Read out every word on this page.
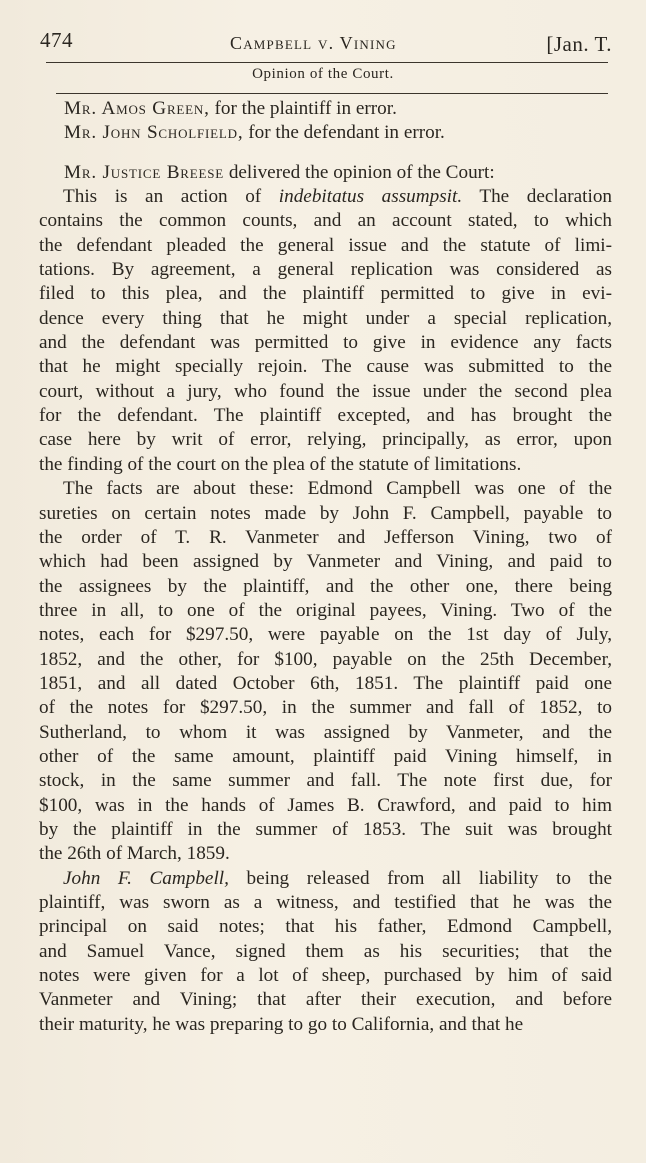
474	Campbell v. Vining	[Jan. T.
Opinion of the Court.

Mr. Amos Green, for the plaintiff in error.

Mr. John Scholfield, for the defendant in error.

Mr. Justice Breese delivered the opinion of the Court:

This is an action of indebitatus assumpsit. The declaration
contains the common counts, and an account stated, to which
the defendant pleaded the general issue and the statute of limi-
tations. By agreement, a general replication was considered as
filed to this plea, and the plaintiff permitted to give in evi-
dence every thing that he might under a special replication,
and the defendant was permitted to give in evidence any facts
that he might specially rejoin. The cause was submitted to the
court, without a jury, who found the issue under the second plea
for the defendant. The plaintiff excepted, and has brought the
case here by writ of error, relying, principally, as error, upon
the finding of the court on the plea of the statute of limitations.
The facts are about these: Edmond Campbell was one of the
sureties on certain notes made by John F. Campbell, payable to
the order of T. R. Vanmeter and Jefferson Vining, two of
which had been assigned by Vanmeter and Vining, and paid to
the assignees by the plaintiff, and the other one, there being
three in all, to one of the original payees, Vining. Two of the
notes, each for $297.50, were payable on the 1st day of July,
1852, and the other, for $100, payable on the 25th December,
1851, and all dated October 6th, 1851. The plaintiff paid one
of the notes for $297.50, in the summer and fall of 1852, to
Sutherland, to whom it was assigned by Vanmeter, and the
other of the same amount, plaintiff paid Vining himself, in
stock, in the same summer and fall. The note first due, for
$100, was in the hands of James B. Crawford, and paid to him
by the plaintiff in the summer of 1853. The suit was brought
the 26th of March, 1859.
John F. Campbell, being released from all liability to the
plaintiff, was sworn as a witness, and testified that he was the
principal on said notes; that his father, Edmond Campbell,
and Samuel Vance, signed them as his securities; that the
notes were given for a lot of sheep, purchased by him of said
Vanmeter and Vining; that after their execution, and before
their maturity, he was preparing to go to California, and that he
